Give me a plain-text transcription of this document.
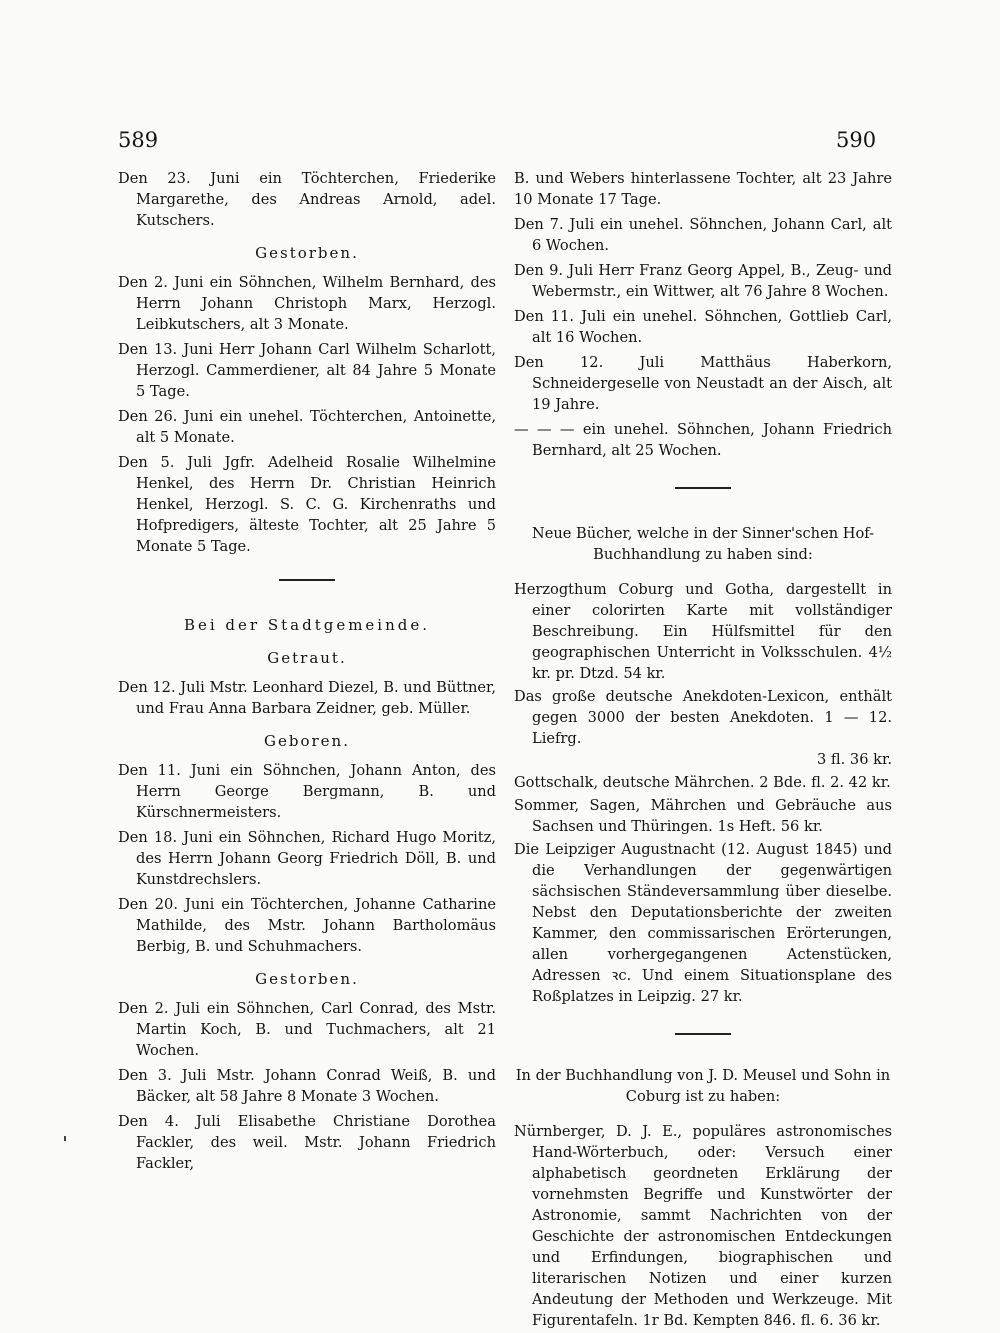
589	590

Den 23. Juni ein Töchterchen, Friederike Margarethe, des Andreas Arnold, adel. Kutschers.

Gestorben.

Den 2. Juni ein Söhnchen, Wilhelm Bernhard, des Herrn Johann Christoph Marx, Herzogl. Leibkutschers, alt 3 Monate.

Den 13. Juni Herr Johann Carl Wilhelm Scharlott, Herzogl. Cammerdiener, alt 84 Jahre 5 Monate 5 Tage.

Den 26. Juni ein unehel. Töchterchen, Antoinette, alt 5 Monate.

Den 5. Juli Jgfr. Adelheid Rosalie Wilhelmine Henkel, des Herrn Dr. Christian Heinrich Henkel, Herzogl. S. C. G. Kirchenraths und Hofpredigers, älteste Tochter, alt 25 Jahre 5 Monate 5 Tage.

Bei der Stadtgemeinde.
Getraut.

Den 12. Juli Mstr. Leonhard Diezel, B. und Büttner, und Frau Anna Barbara Zeidner, geb. Müller.

Geboren.

Den 11. Juni ein Söhnchen, Johann Anton, des Herrn George Bergmann, B. und Kürschnermeisters.

Den 18. Juni ein Söhnchen, Richard Hugo Moritz, des Herrn Johann Georg Friedrich Döll, B. und Kunstdrechslers.

Den 20. Juni ein Töchterchen, Johanne Catharine Mathilde, des Mstr. Johann Bartholomäus Berbig, B. und Schuhmachers.

Gestorben.

Den 2. Juli ein Söhnchen, Carl Conrad, des Mstr. Martin Koch, B. und Tuchmachers, alt 21 Wochen.

Den 3. Juli Mstr. Johann Conrad Weiß, B. und Bäcker, alt 58 Jahre 8 Monate 3 Wochen.

Den 4. Juli Elisabethe Christiane Dorothea Fackler, des weil. Mstr. Johann Friedrich Fackler,

B. und Webers hinterlassene Tochter, alt 23 Jahre 10 Monate 17 Tage.

Den 7. Juli ein unehel. Söhnchen, Johann Carl, alt 6 Wochen.

Den 9. Juli Herr Franz Georg Appel, B., Zeug- und Webermstr., ein Wittwer, alt 76 Jahre 8 Wochen.

Den 11. Juli ein unehel. Söhnchen, Gottlieb Carl, alt 16 Wochen.

Den 12. Juli Matthäus Haberkorn, Schneidergeselle von Neustadt an der Aisch, alt 19 Jahre.

— — — ein unehel. Söhnchen, Johann Friedrich Bernhard, alt 25 Wochen.

Neue Bücher, welche in der Sinner'schen Hof-Buchhandlung zu haben sind:

Herzogthum Coburg und Gotha, dargestellt in einer colorirten Karte mit vollständiger Beschreibung. Ein Hülfsmittel für den geographischen Unterricht in Volksschulen. 4½ kr. pr. Dtzd. 54 kr.

Das große deutsche Anekdoten-Lexicon, enthält gegen 3000 der besten Anekdoten. 1 — 12. Liefrg.

3 fl. 36 kr.

Gottschalk, deutsche Mährchen. 2 Bde. fl. 2. 42 kr.

Sommer, Sagen, Mährchen und Gebräuche aus Sachsen und Thüringen. 1s Heft. 56 kr.

Die Leipziger Augustnacht (12. August 1845) und die Verhandlungen der gegenwärtigen sächsischen Ständeversammlung über dieselbe. Nebst den Deputationsberichte der zweiten Kammer, den commissarischen Erörterungen, allen vorhergegangenen Actenstücken, Adressen ꝛc. Und einem Situationsplane des Roßplatzes in Leipzig. 27 kr.

In der Buchhandlung von J. D. Meusel und Sohn in Coburg ist zu haben:

Nürnberger, D. J. E., populäres astronomisches Hand-Wörterbuch, oder: Versuch einer alphabetisch geordneten Erklärung der vornehmsten Begriffe und Kunstwörter der Astronomie, sammt Nachrichten von der Geschichte der astronomischen Entdeckungen und Erfindungen, biographischen und literarischen Notizen und einer kurzen Andeutung der Methoden und Werkzeuge. Mit Figurentafeln. 1r Bd. Kempten 846. fl. 6. 36 kr.
